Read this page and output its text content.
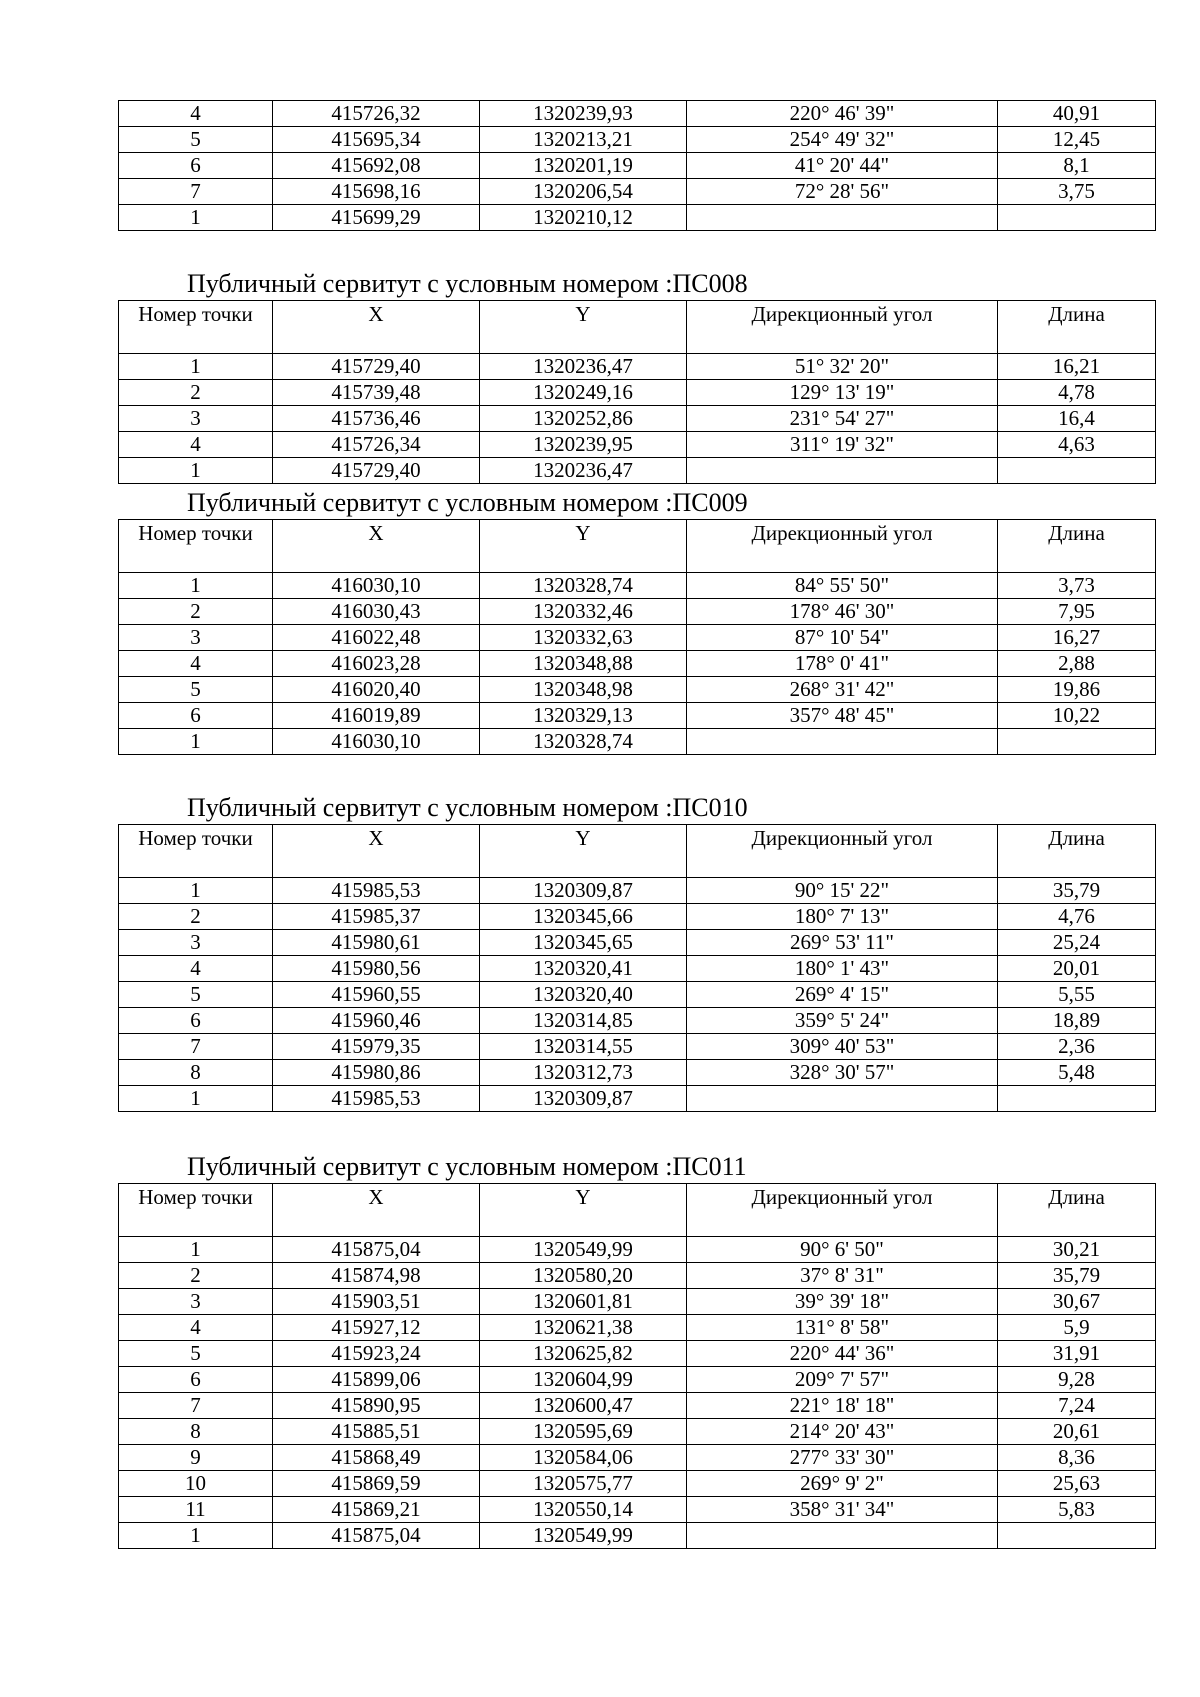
4	415726,32	1320239,93	220° 46' 39"	40,91
5	415695,34	1320213,21	254° 49' 32"	12,45
6	415692,08	1320201,19	41° 20' 44"	8,1
7	415698,16	1320206,54	72° 28' 56"	3,75
1	415699,29	1320210,12		
Публичный сервитут с условным номером :ПС008
Номер точки	X	Y	Дирекционный угол	Длина
1	415729,40	1320236,47	51° 32' 20"	16,21
2	415739,48	1320249,16	129° 13' 19"	4,78
3	415736,46	1320252,86	231° 54' 27"	16,4
4	415726,34	1320239,95	311° 19' 32"	4,63
1	415729,40	1320236,47		
Публичный сервитут с условным номером :ПС009
Номер точки	X	Y	Дирекционный угол	Длина
1	416030,10	1320328,74	84° 55' 50"	3,73
2	416030,43	1320332,46	178° 46' 30"	7,95
3	416022,48	1320332,63	87° 10' 54"	16,27
4	416023,28	1320348,88	178° 0' 41"	2,88
5	416020,40	1320348,98	268° 31' 42"	19,86
6	416019,89	1320329,13	357° 48' 45"	10,22
1	416030,10	1320328,74		
Публичный сервитут с условным номером :ПС010
Номер точки	X	Y	Дирекционный угол	Длина
1	415985,53	1320309,87	90° 15' 22"	35,79
2	415985,37	1320345,66	180° 7' 13"	4,76
3	415980,61	1320345,65	269° 53' 11"	25,24
4	415980,56	1320320,41	180° 1' 43"	20,01
5	415960,55	1320320,40	269° 4' 15"	5,55
6	415960,46	1320314,85	359° 5' 24"	18,89
7	415979,35	1320314,55	309° 40' 53"	2,36
8	415980,86	1320312,73	328° 30' 57"	5,48
1	415985,53	1320309,87		
Публичный сервитут с условным номером :ПС011
Номер точки	X	Y	Дирекционный угол	Длина
1	415875,04	1320549,99	90° 6' 50"	30,21
2	415874,98	1320580,20	37° 8' 31"	35,79
3	415903,51	1320601,81	39° 39' 18"	30,67
4	415927,12	1320621,38	131° 8' 58"	5,9
5	415923,24	1320625,82	220° 44' 36"	31,91
6	415899,06	1320604,99	209° 7' 57"	9,28
7	415890,95	1320600,47	221° 18' 18"	7,24
8	415885,51	1320595,69	214° 20' 43"	20,61
9	415868,49	1320584,06	277° 33' 30"	8,36
10	415869,59	1320575,77	269° 9' 2"	25,63
11	415869,21	1320550,14	358° 31' 34"	5,83
1	415875,04	1320549,99		
